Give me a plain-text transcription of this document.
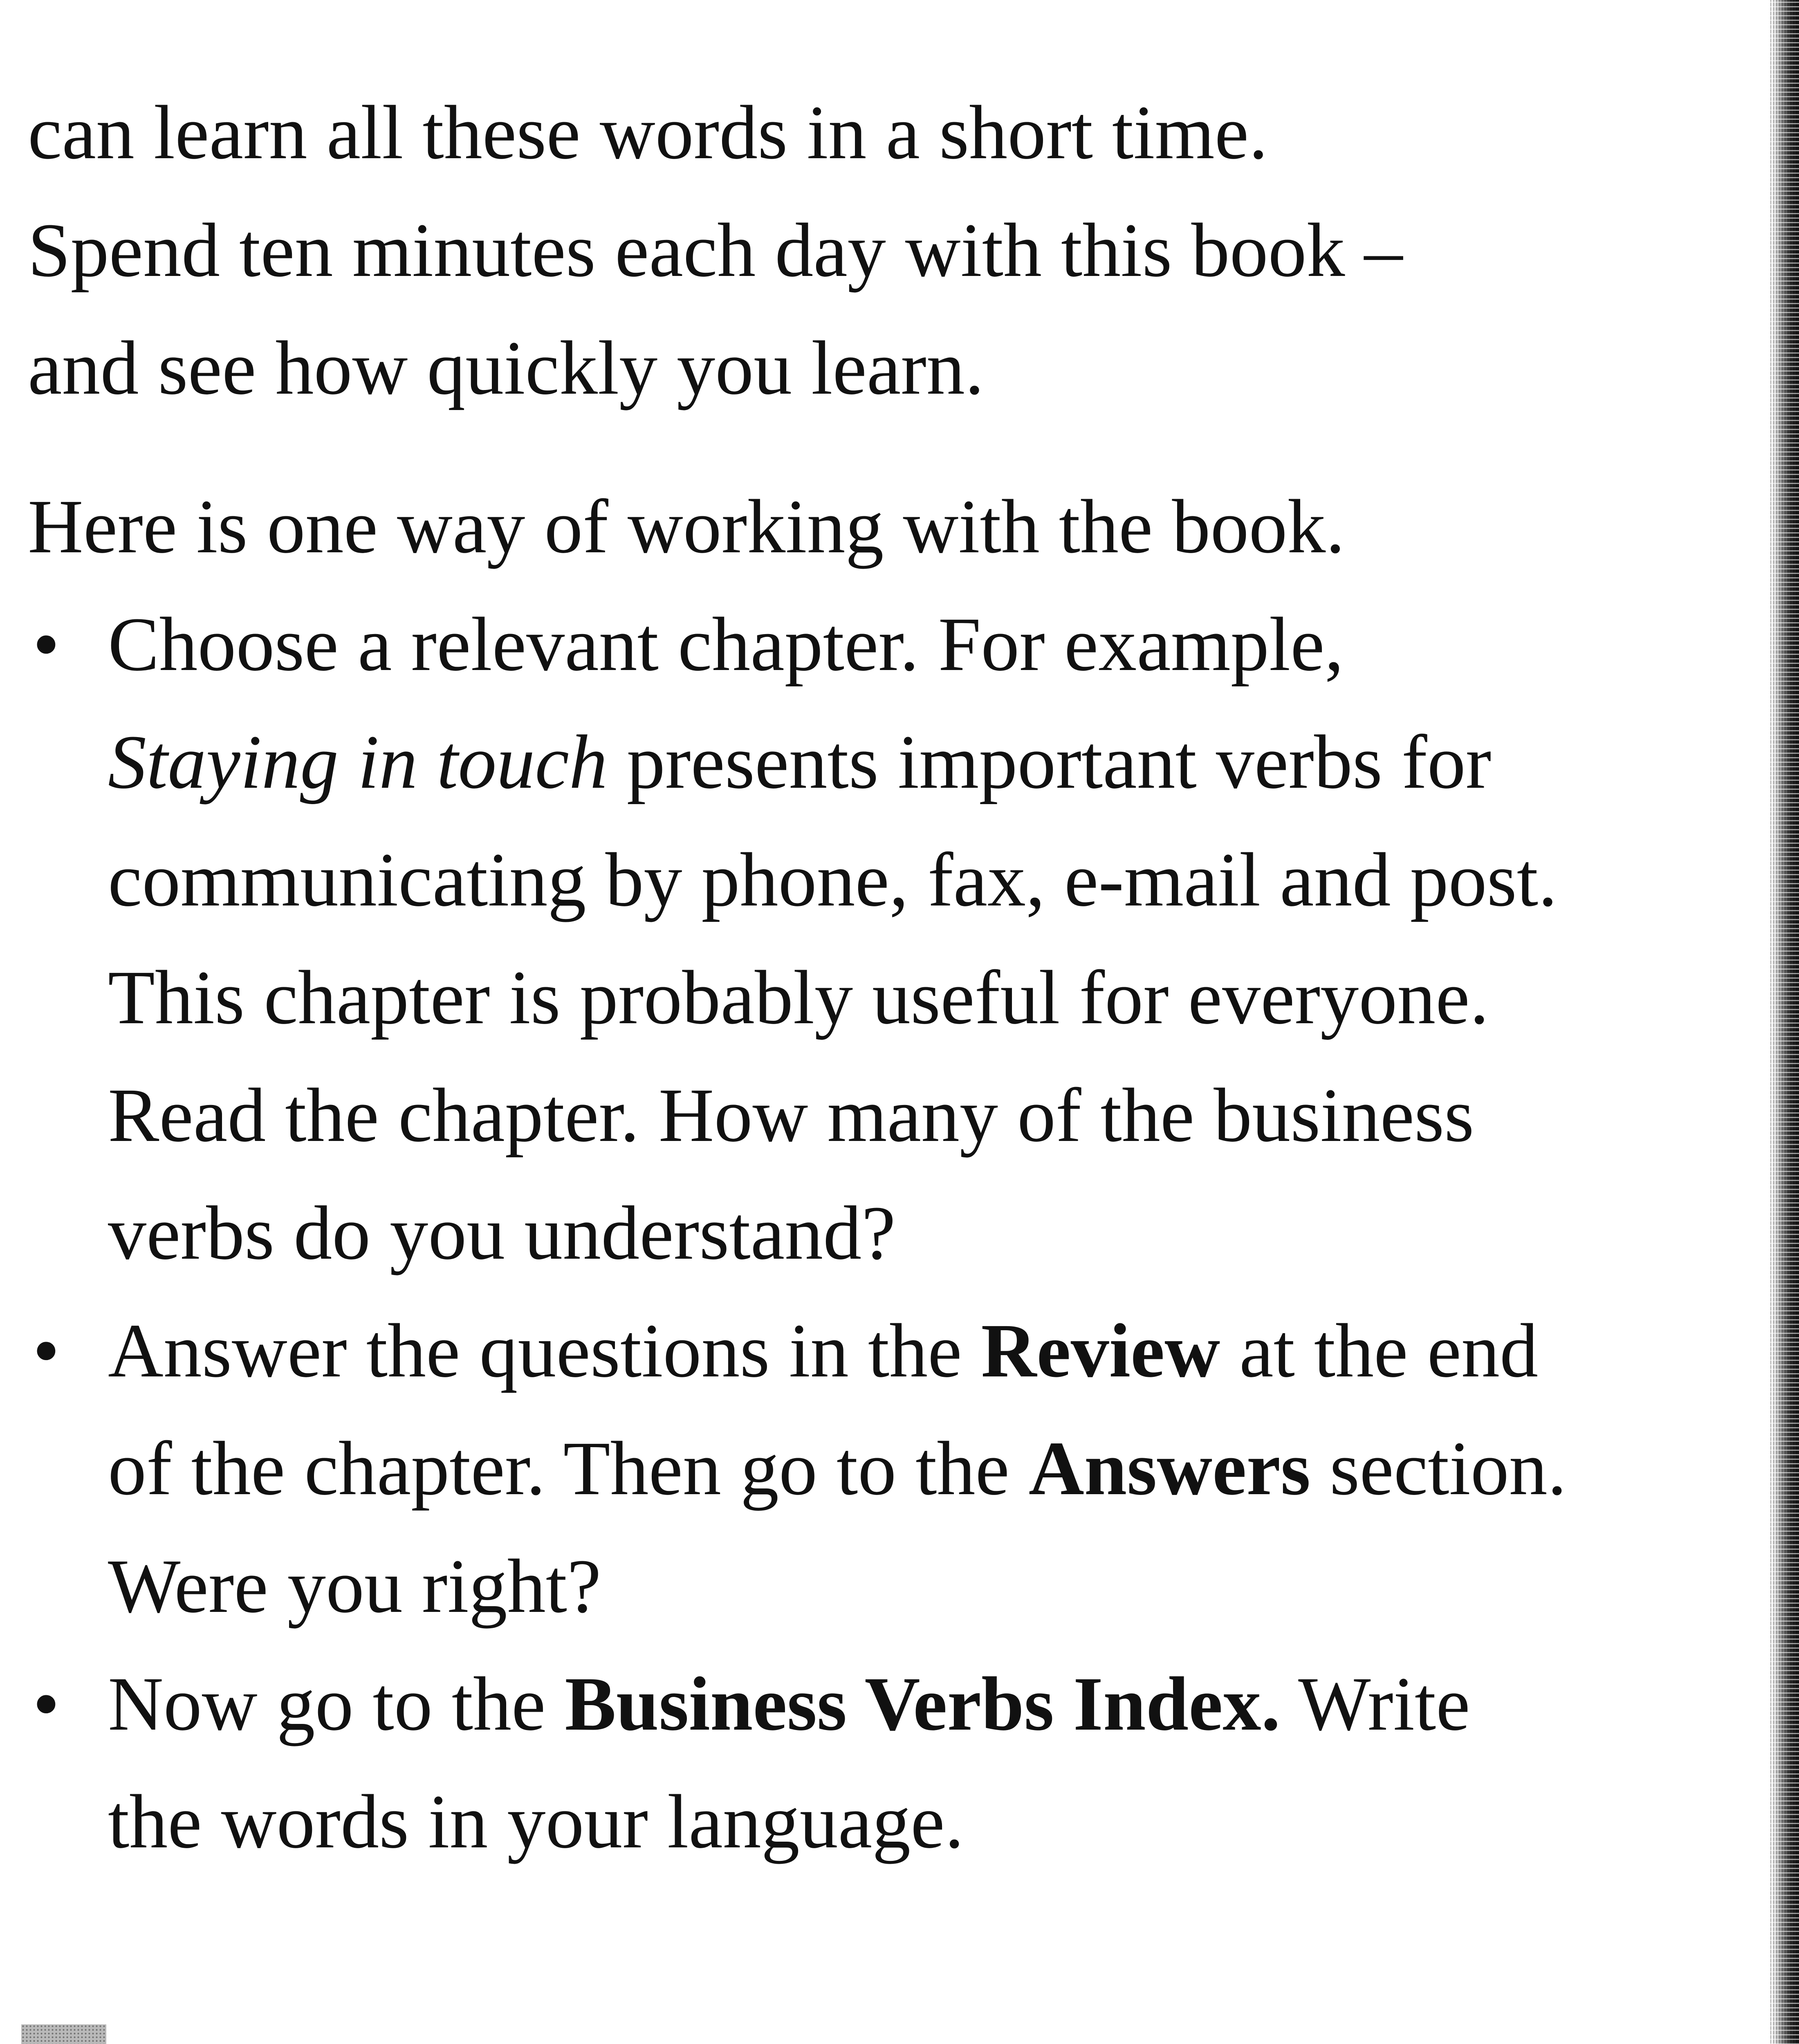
can learn all these words in a short time.
Spend ten minutes each day with this book –
and see how quickly you learn.

Here is one way of working with the book.

• Choose a relevant chapter. For example,
Staying in touch presents important verbs for communicating by phone, fax, e-mail and post. This chapter is probably useful for everyone. Read the chapter. How many of the business verbs do you understand?
• Answer the questions in the Review at the end of the chapter. Then go to the Answers section. Were you right?
• Now go to the Business Verbs Index. Write the words in your language.
